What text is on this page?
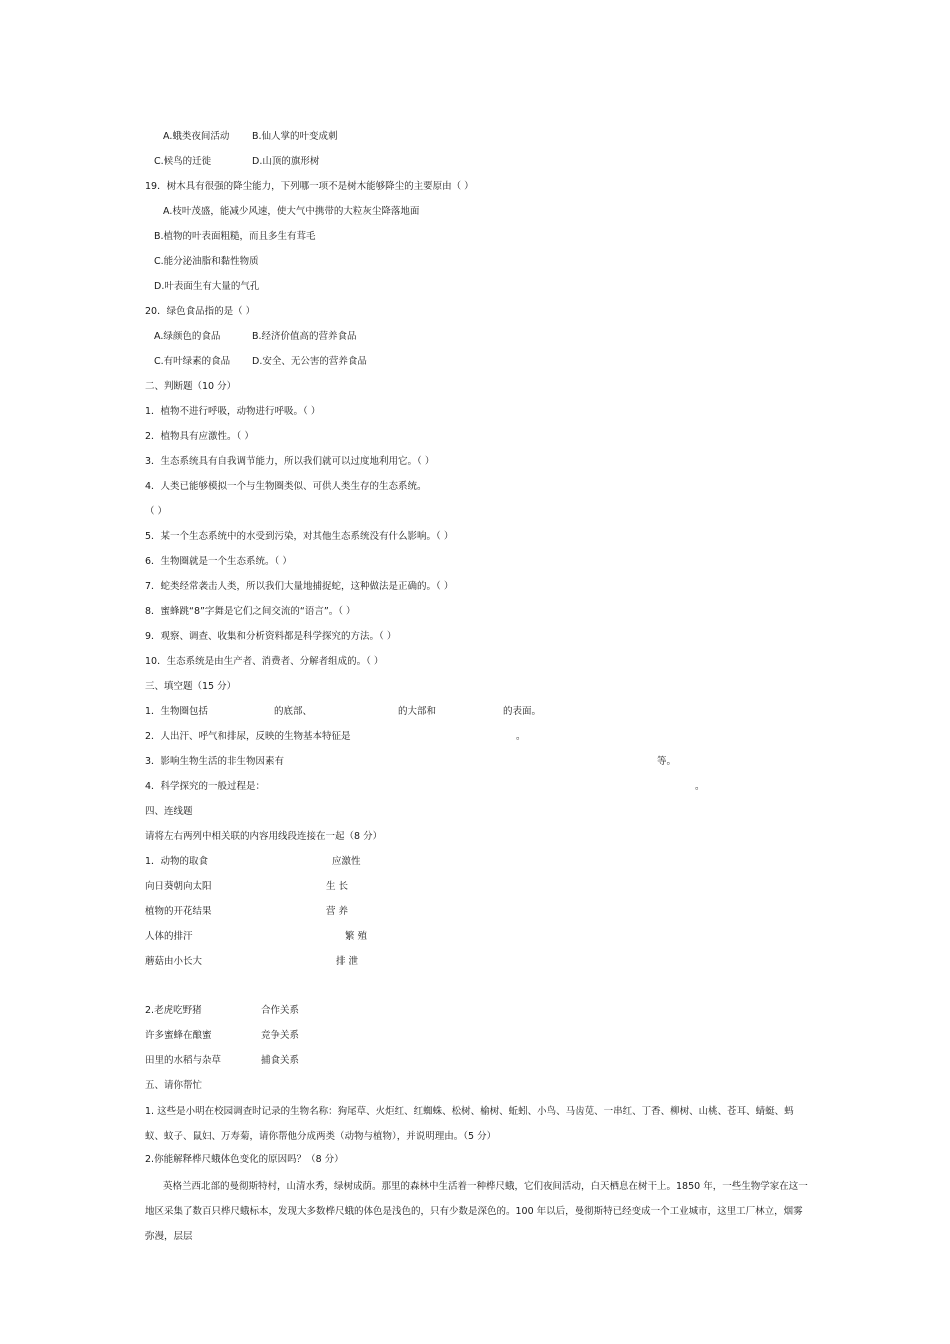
A.蛾类夜间活动 B.仙人掌的叶变成刺
C.候鸟的迁徙	D.山顶的旗形树
19．树木具有很强的降尘能力，下列哪一项不是树木能够降尘的主要原由（ ）
A.枝叶茂盛，能减少风速，使大气中携带的大粒灰尘降落地面
B.植物的叶表面粗糙，而且多生有茸毛
C.能分泌油脂和黏性物质
D.叶表面生有大量的气孔
20．绿色食品指的是（ ）
A.绿颜色的食品	B.经济价值高的营养食品
C.有叶绿素的食品 D.安全、无公害的营养食品
二、判断题（10 分）
1．植物不进行呼吸，动物进行呼吸。（ ）
2．植物具有应激性。（ ）
3．生态系统具有自我调节能力，所以我们就可以过度地利用它。（ ）
4．人类已能够模拟一个与生物圈类似、可供人类生存的生态系统。
（ ）
5．某一个生态系统中的水受到污染，对其他生态系统没有什么影响。（ ）
6．生物圈就是一个生态系统。（ ）
7．蛇类经常袭击人类，所以我们大量地捕捉蛇，这种做法是正确的。（ ）
8．蜜蜂跳“8”字舞是它们之间交流的“语言”。（ ）
9．观察、调查、收集和分析资料都是科学探究的方法。（ ）
10．生态系统是由生产者、消费者、分解者组成的。（ ）
三、填空题（15 分）
1．生物圈包括	的底部、	的大部和	的表面。
2．人出汗、呼气和排尿，反映的生物基本特征是	。
3．影响生物生活的非生物因素有	等。
4．科学探究的一般过程是：	。
四、连线题
请将左右两列中相关联的内容用线段连接在一起（8 分）
1．动物的取食	应激性
向日葵朝向太阳	生 长
植物的开花结果	营 养
人体的排汗	繁 殖
蘑菇由小长大	排 泄
2.老虎吃野猪	合作关系
许多蜜蜂在酿蜜	竞争关系
田里的水稻与杂草	捕食关系
五、请你帮忙
1. 这些是小明在校园调查时记录的生物名称：狗尾草、火炬红、红蜘蛛、松树、榆树、蚯蚓、小鸟、马齿苋、一串红、丁香、柳树、山桃、苍耳、蜻蜓、蚂蚁、蚊子、鼠妇、万寿菊，请你帮他分成两类（动物与植物），并说明理由。（5 分）
2.你能解释桦尺蛾体色变化的原因吗？（8 分）
英格兰西北部的曼彻斯特村，山清水秀，绿树成荫。那里的森林中生活着一种桦尺蛾，它们夜间活动，白天栖息在树干上。1850 年，一些生物学家在这一地区采集了数百只桦尺蛾标本，发现大多数桦尺蛾的体色是浅色的，只有少数是深色的。100 年以后，曼彻斯特已经变成一个工业城市，这里工厂林立，烟雾弥漫，层层
